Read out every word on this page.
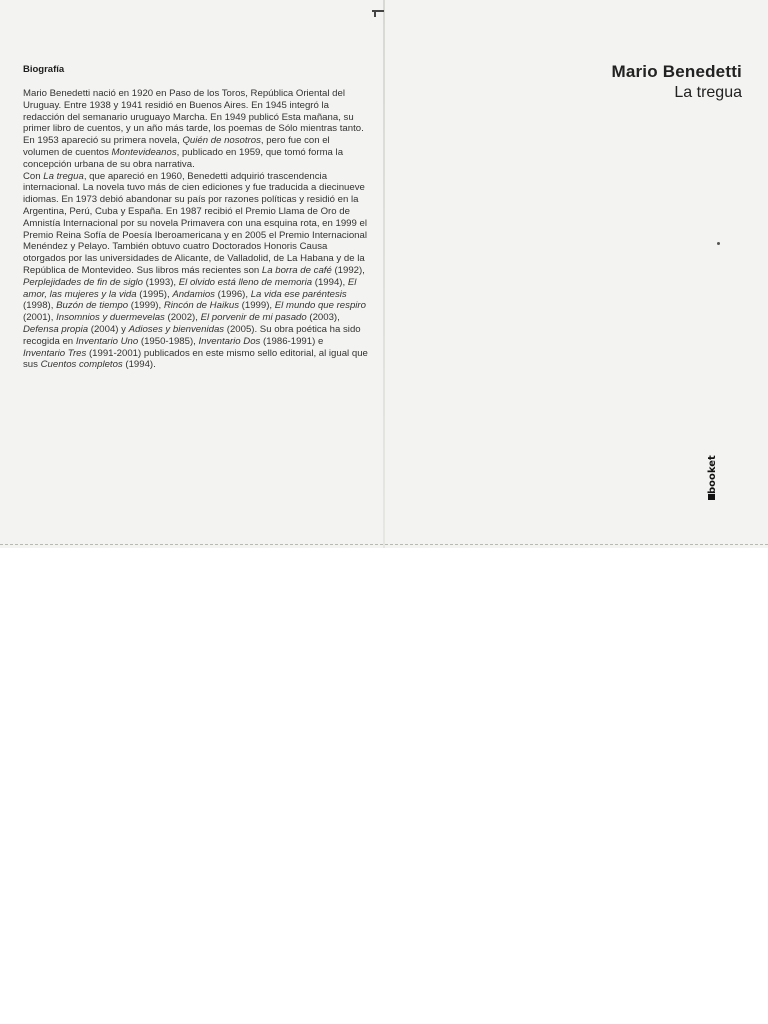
Biografía

Mario Benedetti nació en 1920 en Paso de los Toros, República Oriental del Uruguay. Entre 1938 y 1941 residió en Buenos Aires. En 1945 integró la redacción del semanario uruguayo Marcha. En 1949 publicó Esta mañana, su primer libro de cuentos, y un año más tarde, los poemas de Sólo mientras tanto. En 1953 apareció su primera novela, Quién de nosotros, pero fue con el volumen de cuentos Montevideanos, publicado en 1959, que tomó forma la concepción urbana de su obra narrativa.

Con La tregua, que apareció en 1960, Benedetti adquirió trascendencia internacional. La novela tuvo más de cien ediciones y fue traducida a diecinueve idiomas. En 1973 debió abandonar su país por razones políticas y residió en la Argentina, Perú, Cuba y España. En 1987 recibió el Premio Llama de Oro de Amnistía Internacional por su novela Primavera con una esquina rota, en 1999 el Premio Reina Sofía de Poesía Iberoamericana y en 2005 el Premio Internacional Menéndez y Pelayo. También obtuvo cuatro Doctorados Honoris Causa otorgados por las universidades de Alicante, de Valladolid, de La Habana y de la República de Montevideo. Sus libros más recientes son La borra de café (1992), Perplejidades de fin de siglo (1993), El olvido está lleno de memoria (1994), El amor, las mujeres y la vida (1995), Andamios (1996), La vida ese paréntesis (1998), Buzón de tiempo (1999), Rincón de Haikus (1999), El mundo que respiro (2001), Insomnios y duermevelas (2002), El porvenir de mi pasado (2003), Defensa propia (2004) y Adioses y bienvenidas (2005). Su obra poética ha sido recogida en Inventario Uno (1950-1985), Inventario Dos (1986-1991) e Inventario Tres (1991-2001) publicados en este mismo sello editorial, al igual que sus Cuentos completos (1994).

Mario Benedetti
La tregua
booket
